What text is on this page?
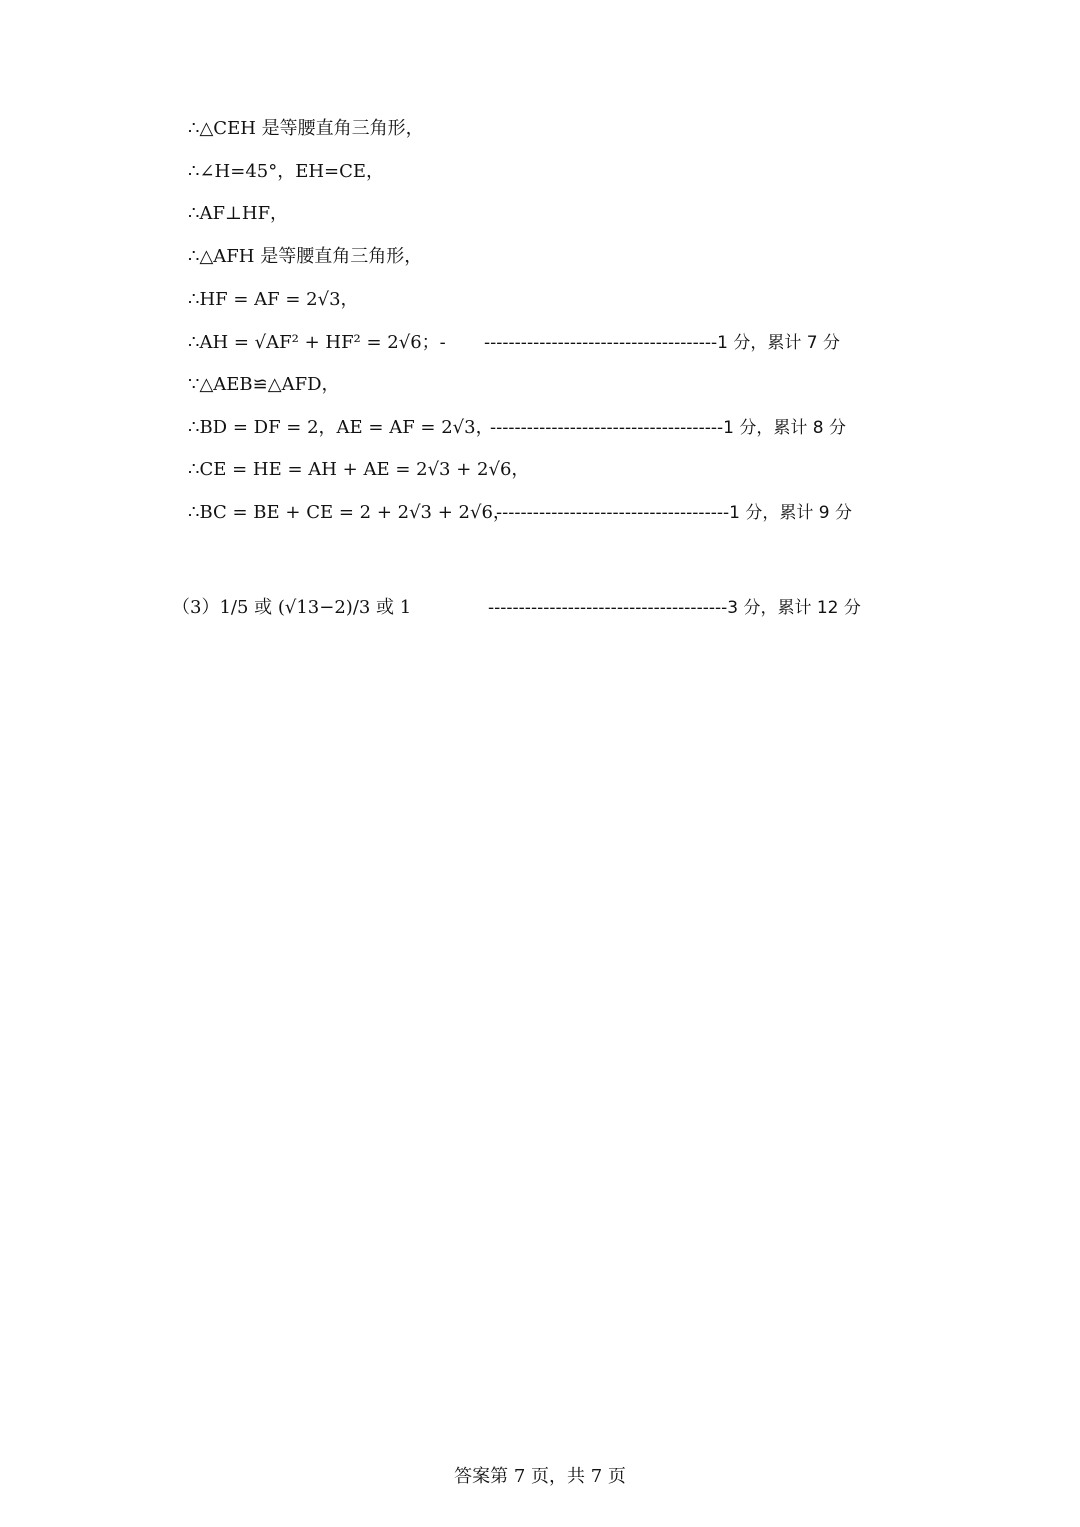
∴△CEH 是等腰直角三角形，
∴∠H=45°，EH=CE，
∴AF⊥HF，
∴△AFH 是等腰直角三角形，
∴HF = AF = 2√3，
∴AH = √AF² + HF² = 2√6；- --------------------------------------1 分，累计 7 分
∵△AEB≌△AFD，
∴BD = DF = 2，AE = AF = 2√3，
--------------------------------------1 分，累计 8 分
∴CE = HE = AH + AE = 2√3 + 2√6，
∴BC = BE + CE = 2 + 2√3 + 2√6，
--------------------------------------1 分，累计 9 分
（3）1/5 或 (√13−2)/3 或 1	---------------------------------------3 分，累计 12 分
答案第 7 页，共 7 页
